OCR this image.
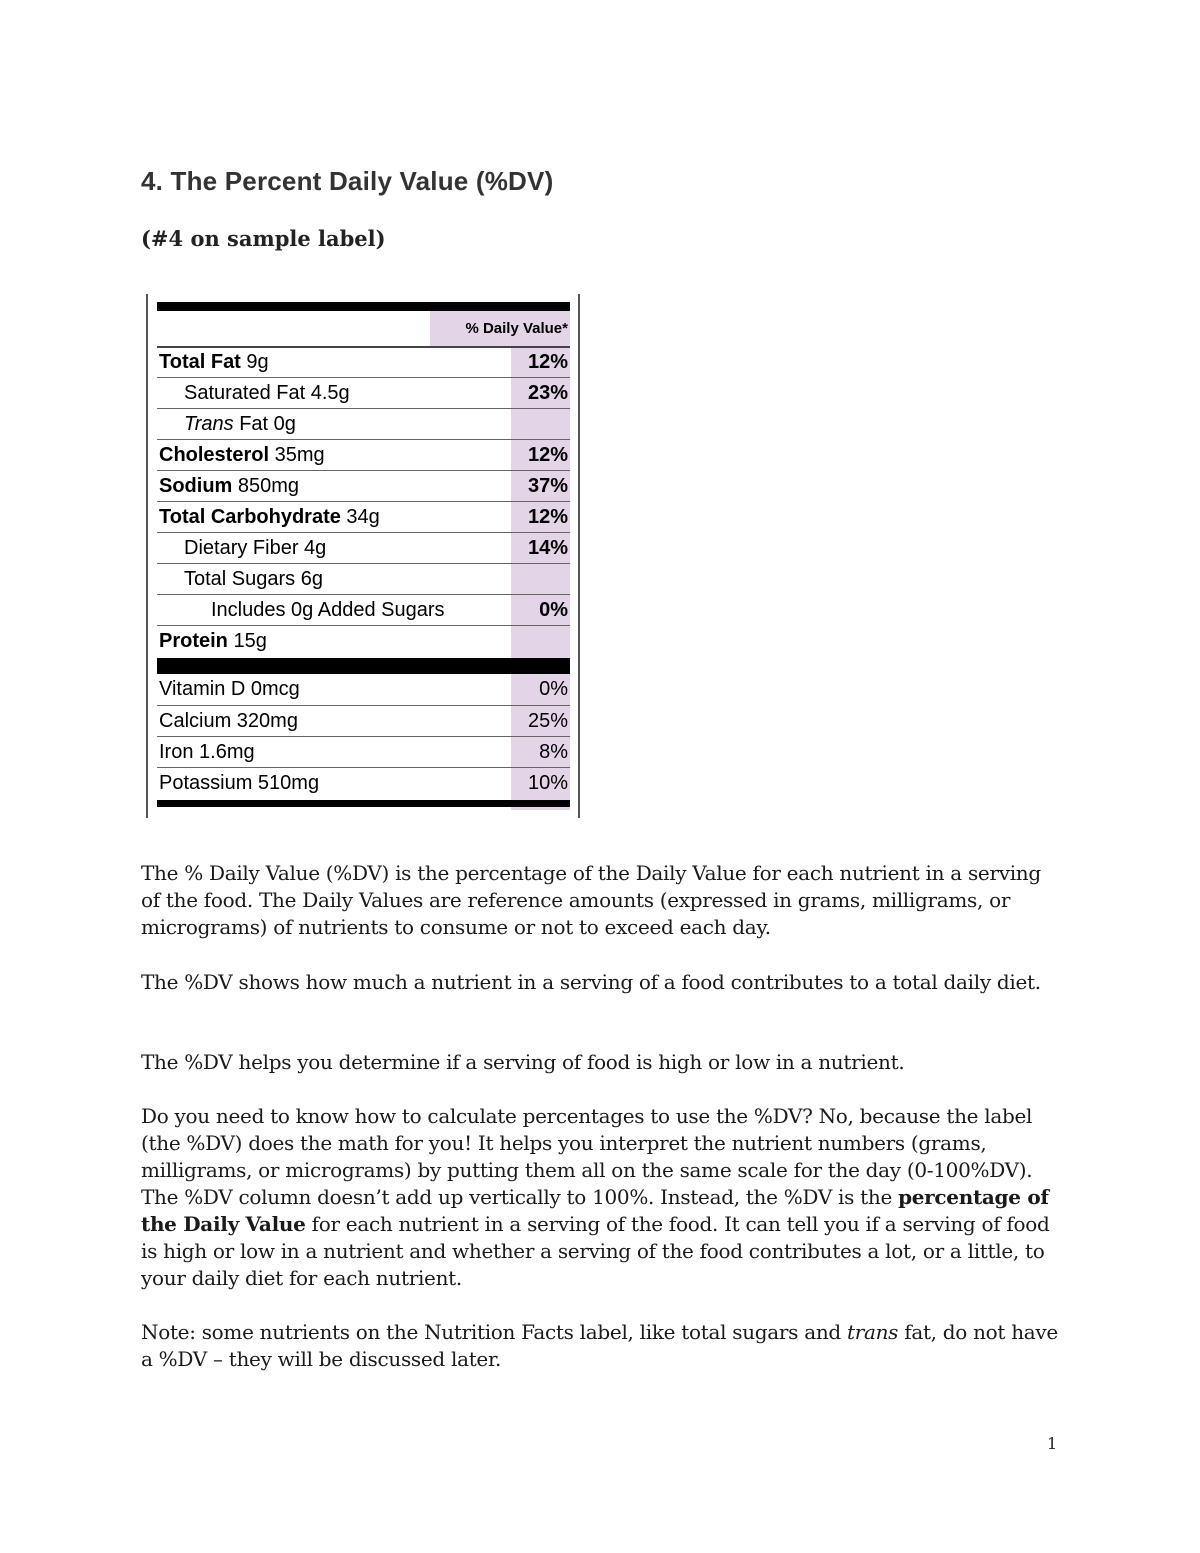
4. The Percent Daily Value (%DV)
(#4 on sample label)
% Daily Value*
Total Fat 9g	12%
Saturated Fat 4.5g	23%
Trans Fat 0g
Cholesterol 35mg	12%
Sodium 850mg	37%
Total Carbohydrate 34g	12%
Dietary Fiber 4g	14%
Total Sugars 6g
Includes 0g Added Sugars	0%
Protein 15g
Vitamin D 0mcg	0%
Calcium 320mg	25%
Iron 1.6mg	8%
Potassium 510mg	10%

The % Daily Value (%DV) is the percentage of the Daily Value for each nutrient in a serving of the food. The Daily Values are reference amounts (expressed in grams, milligrams, or micrograms) of nutrients to consume or not to exceed each day.

The %DV shows how much a nutrient in a serving of a food contributes to a total daily diet.

The %DV helps you determine if a serving of food is high or low in a nutrient.

Do you need to know how to calculate percentages to use the %DV? No, because the label (the %DV) does the math for you! It helps you interpret the nutrient numbers (grams, milligrams, or micrograms) by putting them all on the same scale for the day (0-100%DV). The %DV column doesn’t add up vertically to 100%. Instead, the %DV is the percentage of the Daily Value for each nutrient in a serving of the food. It can tell you if a serving of food is high or low in a nutrient and whether a serving of the food contributes a lot, or a little, to your daily diet for each nutrient.

Note: some nutrients on the Nutrition Facts label, like total sugars and trans fat, do not have a %DV – they will be discussed later.

1
